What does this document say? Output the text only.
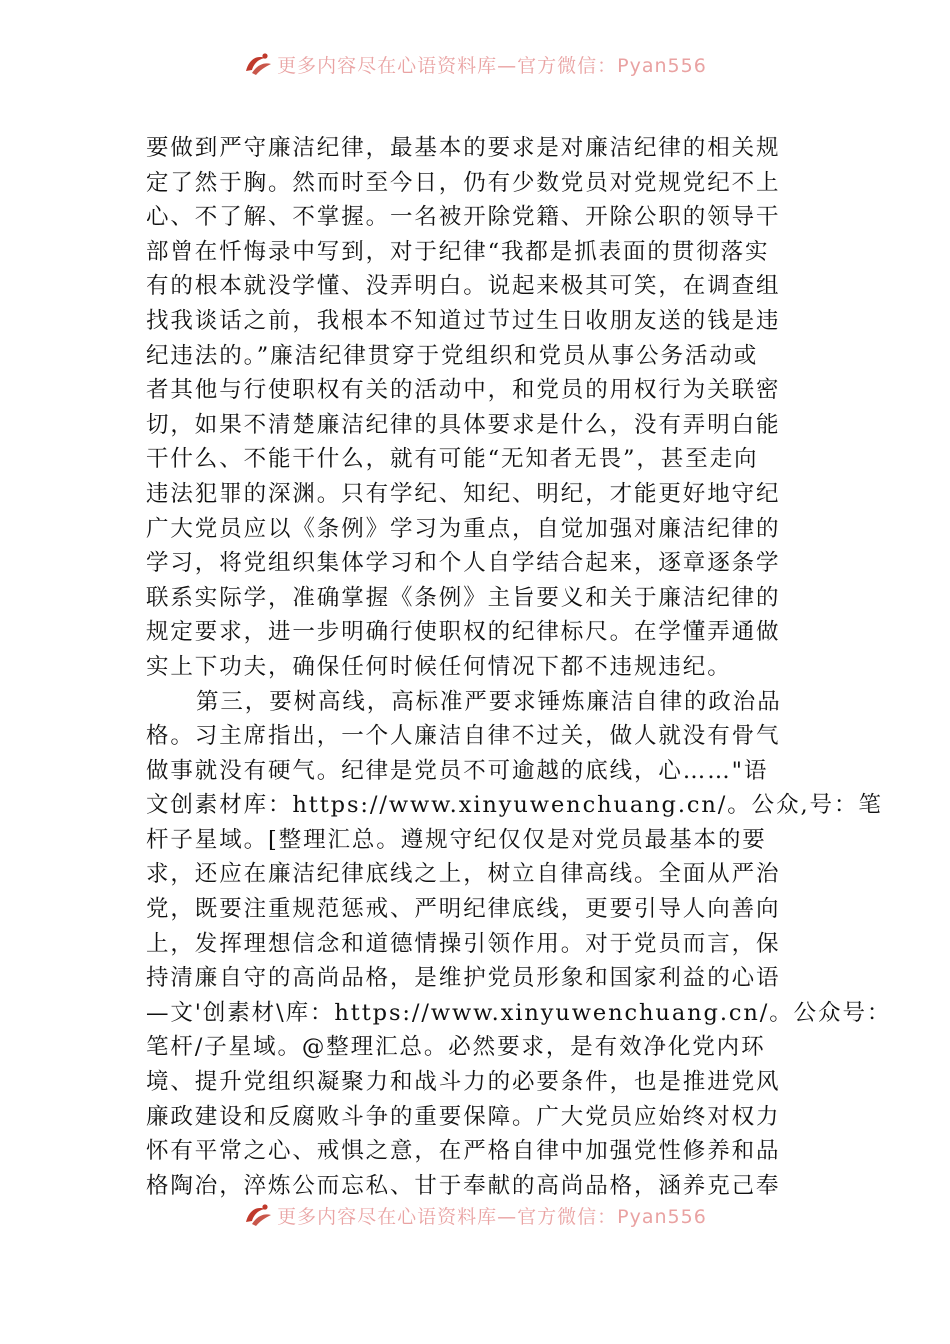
更多内容尽在心语资料库—官方微信：Pyan556
要做到严守廉洁纪律，最基本的要求是对廉洁纪律的相关规
定了然于胸。然而时至今日，仍有少数党员对党规党纪不上
心、不了解、不掌握。一名被开除党籍、开除公职的领导干
部曾在忏悔录中写到，对于纪律“我都是抓表面的贯彻落实
有的根本就没学懂、没弄明白。说起来极其可笑，在调查组
找我谈话之前，我根本不知道过节过生日收朋友送的钱是违
纪违法的。”廉洁纪律贯穿于党组织和党员从事公务活动或
者其他与行使职权有关的活动中，和党员的用权行为关联密
切，如果不清楚廉洁纪律的具体要求是什么，没有弄明白能
干什么、不能干什么，就有可能“无知者无畏”，甚至走向
违法犯罪的深渊。只有学纪、知纪、明纪，才能更好地守纪
广大党员应以《条例》学习为重点，自觉加强对廉洁纪律的
学习，将党组织集体学习和个人自学结合起来，逐章逐条学
联系实际学，准确掌握《条例》主旨要义和关于廉洁纪律的
规定要求，进一步明确行使职权的纪律标尺。在学懂弄通做
实上下功夫，确保任何时候任何情况下都不违规违纪。
第三，要树高线，高标准严要求锤炼廉洁自律的政治品
格。习主席指出，一个人廉洁自律不过关，做人就没有骨气
做事就没有硬气。纪律是党员不可逾越的底线，心……"语
文创素材库：https://www.xinyuwenchuang.cn/。公众,号：笔
杆子星域。[整理汇总。遵规守纪仅仅是对党员最基本的要
求，还应在廉洁纪律底线之上，树立自律高线。全面从严治
党，既要注重规范惩戒、严明纪律底线，更要引导人向善向
上，发挥理想信念和道德情操引领作用。对于党员而言，保
持清廉自守的高尚品格，是维护党员形象和国家利益的心语
—文'创素材\库：https://www.xinyuwenchuang.cn/。公众号：
笔杆/子星域。@整理汇总。必然要求，是有效净化党内环
境、提升党组织凝聚力和战斗力的必要条件，也是推进党风
廉政建设和反腐败斗争的重要保障。广大党员应始终对权力
怀有平常之心、戒惧之意，在严格自律中加强党性修养和品
格陶冶，淬炼公而忘私、甘于奉献的高尚品格，涵养克己奉
更多内容尽在心语资料库—官方微信：Pyan556
